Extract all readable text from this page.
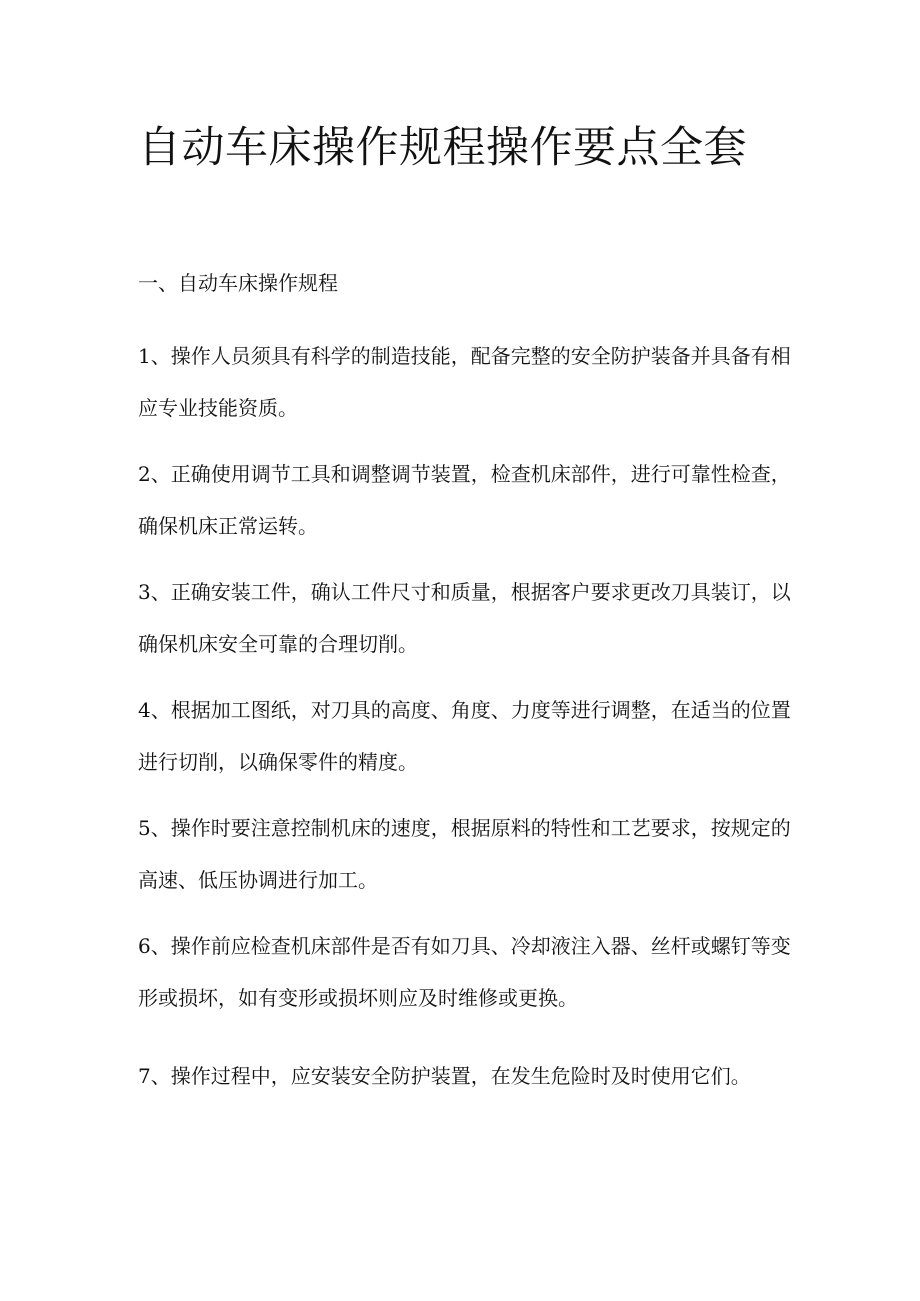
自动车床操作规程操作要点全套
一、自动车床操作规程

1、操作人员须具有科学的制造技能，配备完整的安全防护装备并具备有相
应专业技能资质。

2、正确使用调节工具和调整调节装置，检查机床部件，进行可靠性检查，
确保机床正常运转。

3、正确安装工件，确认工件尺寸和质量，根据客户要求更改刀具装订，以
确保机床安全可靠的合理切削。

4、根据加工图纸，对刀具的高度、角度、力度等进行调整，在适当的位置
进行切削，以确保零件的精度。

5、操作时要注意控制机床的速度，根据原料的特性和工艺要求，按规定的
高速、低压协调进行加工。

6、操作前应检查机床部件是否有如刀具、冷却液注入器、丝杆或螺钉等变
形或损坏，如有变形或损坏则应及时维修或更换。

7、操作过程中，应安装安全防护装置，在发生危险时及时使用它们。
